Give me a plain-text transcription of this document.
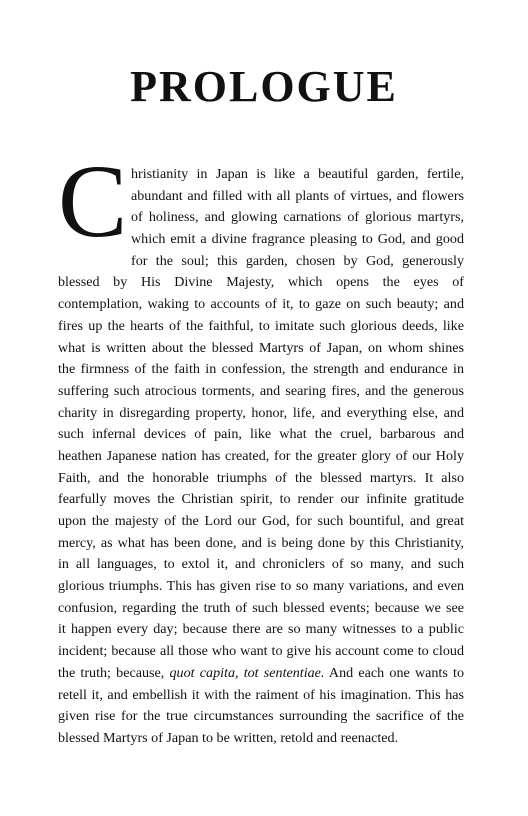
PROLOGUE
C hristianity in Japan is like a beautiful garden, fertile,
abundant and filled with all plants of virtues, and flowers
of holiness, and glowing carnations of glorious martyrs,
which emit a divine fragrance pleasing to God, and good
for the soul; this garden, chosen by God, generously
blessed by His Divine Majesty, which opens the eyes of
contemplation, waking to accounts of it, to gaze on such beauty; and
fires up the hearts of the faithful, to imitate such glorious deeds, like
what is written about the blessed Martyrs of Japan, on whom shines
the firmness of the faith in confession, the strength and endurance in
suffering such atrocious torments, and searing fires, and the generous
charity in disregarding property, honor, life, and everything else, and
such infernal devices of pain, like what the cruel, barbarous and
heathen Japanese nation has created, for the greater glory of our Holy
Faith, and the honorable triumphs of the blessed martyrs. It also
fearfully moves the Christian spirit, to render our infinite gratitude
upon the majesty of the Lord our God, for such bountiful, and great
mercy, as what has been done, and is being done by this Christianity,
in all languages, to extol it, and chroniclers of so many, and such
glorious triumphs. This has given rise to so many variations, and even
confusion, regarding the truth of such blessed events; because we see
it happen every day; because there are so many witnesses to a public
incident; because all those who want to give his account come to cloud
the truth; because, quot capita, tot sententiae. And each one wants to
retell it, and embellish it with the raiment of his imagination. This has
given rise for the true circumstances surrounding the sacrifice of the
blessed Martyrs of Japan to be written, retold and reenacted.
